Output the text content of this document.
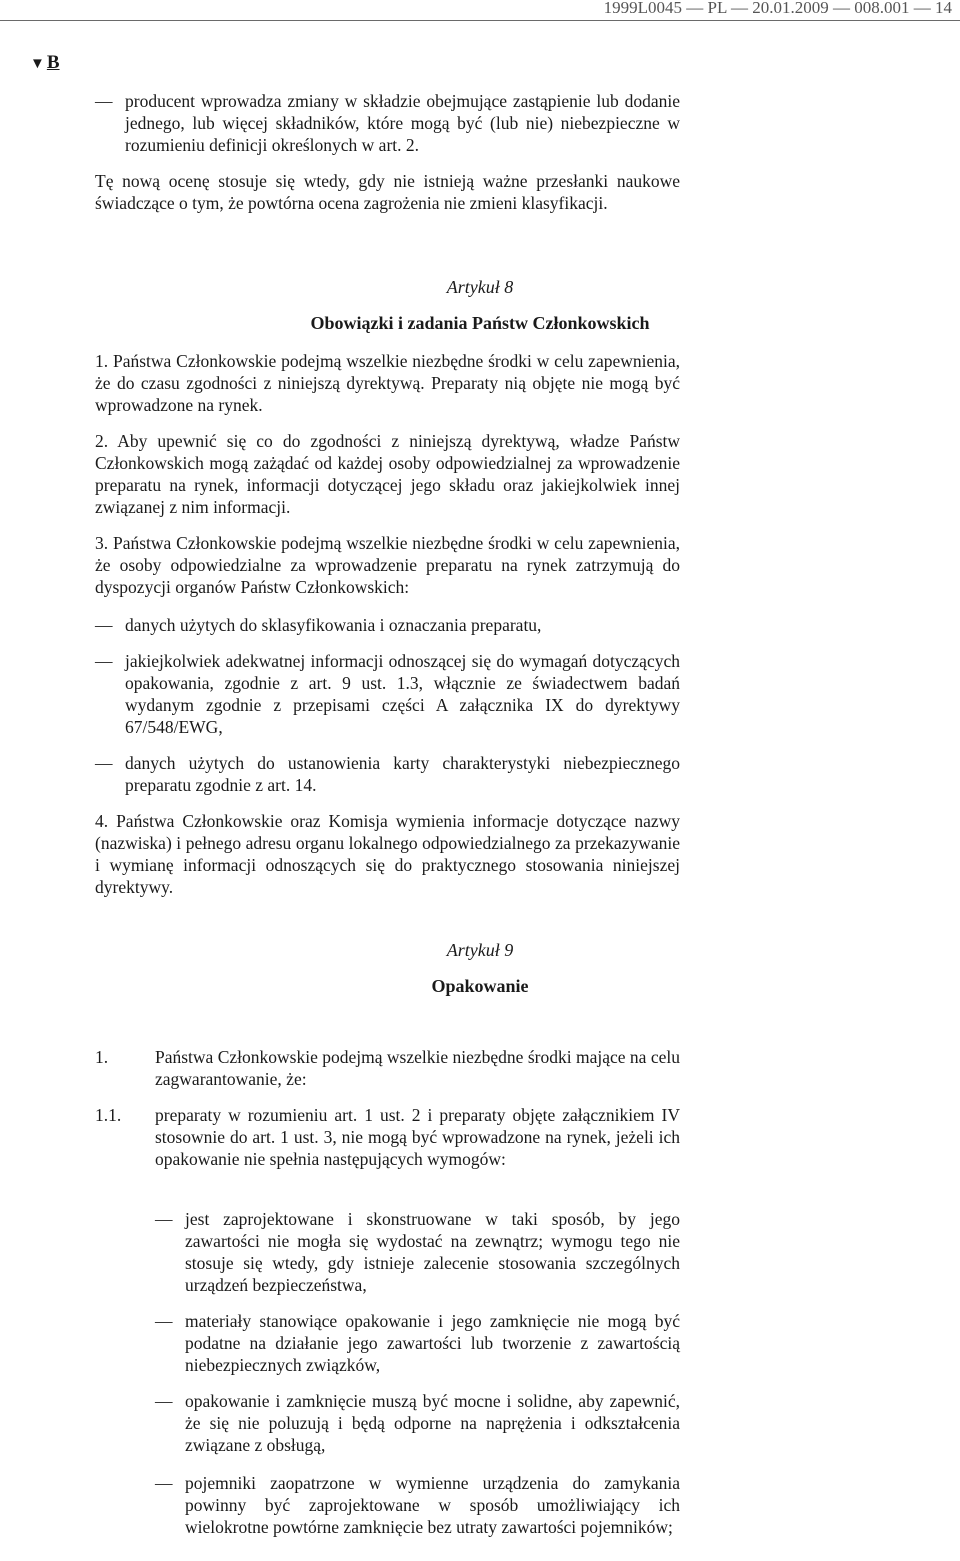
1999L0045 — PL — 20.01.2009 — 008.001 — 14
▼ B
— producent wprowadza zmiany w składzie obejmujące zastąpienie lub dodanie jednego, lub więcej składników, które mogą być (lub nie) niebezpieczne w rozumieniu definicji określonych w art. 2.
Tę nową ocenę stosuje się wtedy, gdy nie istnieją ważne przesłanki naukowe świadczące o tym, że powtórna ocena zagrożenia nie zmieni klasyfikacji.
Artykuł 8
Obowiązki i zadania Państw Członkowskich
1. Państwa Członkowskie podejmą wszelkie niezbędne środki w celu zapewnienia, że do czasu zgodności z niniejszą dyrektywą. Preparaty nią objęte nie mogą być wprowadzone na rynek.
2. Aby upewnić się co do zgodności z niniejszą dyrektywą, władze Państw Członkowskich mogą zażądać od każdej osoby odpowiedzialnej za wprowadzenie preparatu na rynek, informacji dotyczącej jego składu oraz jakiejkolwiek innej związanej z nim informacji.
3. Państwa Członkowskie podejmą wszelkie niezbędne środki w celu zapewnienia, że osoby odpowiedzialne za wprowadzenie preparatu na rynek zatrzymują do dyspozycji organów Państw Członkowskich:
— danych użytych do sklasyfikowania i oznaczania preparatu,
— jakiejkolwiek adekwatnej informacji odnoszącej się do wymagań dotyczących opakowania, zgodnie z art. 9 ust. 1.3, włącznie ze świadectwem badań wydanym zgodnie z przepisami części A załącznika IX do dyrektywy 67/548/EWG,
— danych użytych do ustanowienia karty charakterystyki niebezpiecznego preparatu zgodnie z art. 14.
4. Państwa Członkowskie oraz Komisja wymienia informacje dotyczące nazwy (nazwiska) i pełnego adresu organu lokalnego odpowiedzialnego za przekazywanie i wymianę informacji odnoszących się do praktycznego stosowania niniejszej dyrektywy.
Artykuł 9
Opakowanie
1.	Państwa Członkowskie podejmą wszelkie niezbędne środki mające na celu zagwarantowanie, że:
1.1. preparaty w rozumieniu art. 1 ust. 2 i preparaty objęte załącznikiem IV stosownie do art. 1 ust. 3, nie mogą być wprowadzone na rynek, jeżeli ich opakowanie nie spełnia następujących wymogów:
— jest zaprojektowane i skonstruowane w taki sposób, by jego zawartości nie mogła się wydostać na zewnątrz; wymogu tego nie stosuje się wtedy, gdy istnieje zalecenie stosowania szczególnych urządzeń bezpieczeństwa,
— materiały stanowiące opakowanie i jego zamknięcie nie mogą być podatne na działanie jego zawartości lub tworzenie z zawartością niebezpiecznych związków,
— opakowanie i zamknięcie muszą być mocne i solidne, aby zapewnić, że się nie poluzują i będą odporne na naprężenia i odkształcenia związane z obsługą,
— pojemniki zaopatrzone w wymienne urządzenia do zamykania powinny być zaprojektowane w sposób umożliwiający ich wielokrotne powtórne zamknięcie bez utraty zawartości pojemników;
